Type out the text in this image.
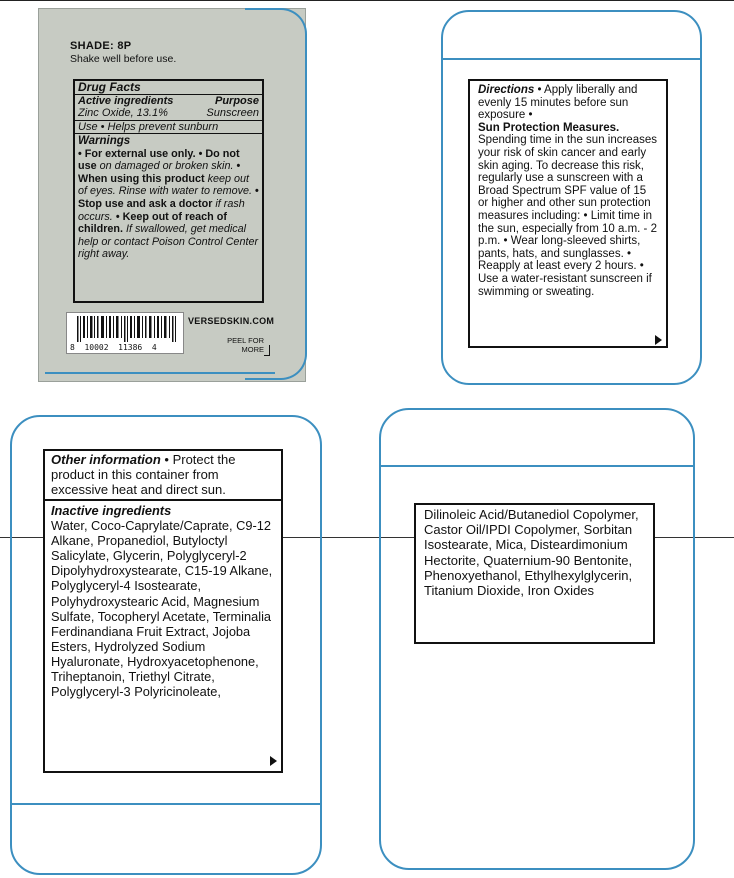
SHADE: 8P
Shake well before use.
Drug Facts
Active ingredients	Purpose
Zinc Oxide, 13.1%	Sunscreen
Use • Helps prevent sunburn
Warnings
• For external use only. • Do not use on damaged or broken skin. • When using this product keep out of eyes. Rinse with water to remove. • Stop use and ask a doctor if rash occurs. • Keep out of reach of children. If swallowed, get medical help or contact Poison Control Center right away.
8  10002  11386  4
VERSEDSKIN.COM
PEEL FOR MORE
Directions • Apply liberally and evenly 15 minutes before sun exposure •
Sun Protection Measures.
Spending time in the sun increases your risk of skin cancer and early skin aging. To decrease this risk, regularly use a sunscreen with a Broad Spectrum SPF value of 15 or higher and other sun protection measures including: • Limit time in the sun, especially from 10 a.m. - 2 p.m. • Wear long-sleeved shirts, pants, hats, and sunglasses. • Reapply at least every 2 hours. • Use a water-resistant sunscreen if swimming or sweating.
Other information • Protect the product in this container from excessive heat and direct sun.
Inactive ingredients
Water, Coco-Caprylate/Caprate, C9-12 Alkane, Propanediol, Butyloctyl Salicylate, Glycerin, Polyglyceryl-2 Dipolyhydroxystearate, C15-19 Alkane, Polyglyceryl-4 Isostearate, Polyhydroxystearic Acid, Magnesium Sulfate, Tocopheryl Acetate, Terminalia Ferdinandiana Fruit Extract, Jojoba Esters, Hydrolyzed Sodium Hyaluronate, Hydroxyacetophenone, Triheptanoin, Triethyl Citrate, Polyglyceryl-3 Polyricinoleate,
Dilinoleic Acid/Butanediol Copolymer, Castor Oil/IPDI Copolymer, Sorbitan Isostearate, Mica, Disteardimonium Hectorite, Quaternium-90 Bentonite, Phenoxyethanol, Ethylhexylglycerin, Titanium Dioxide, Iron Oxides
